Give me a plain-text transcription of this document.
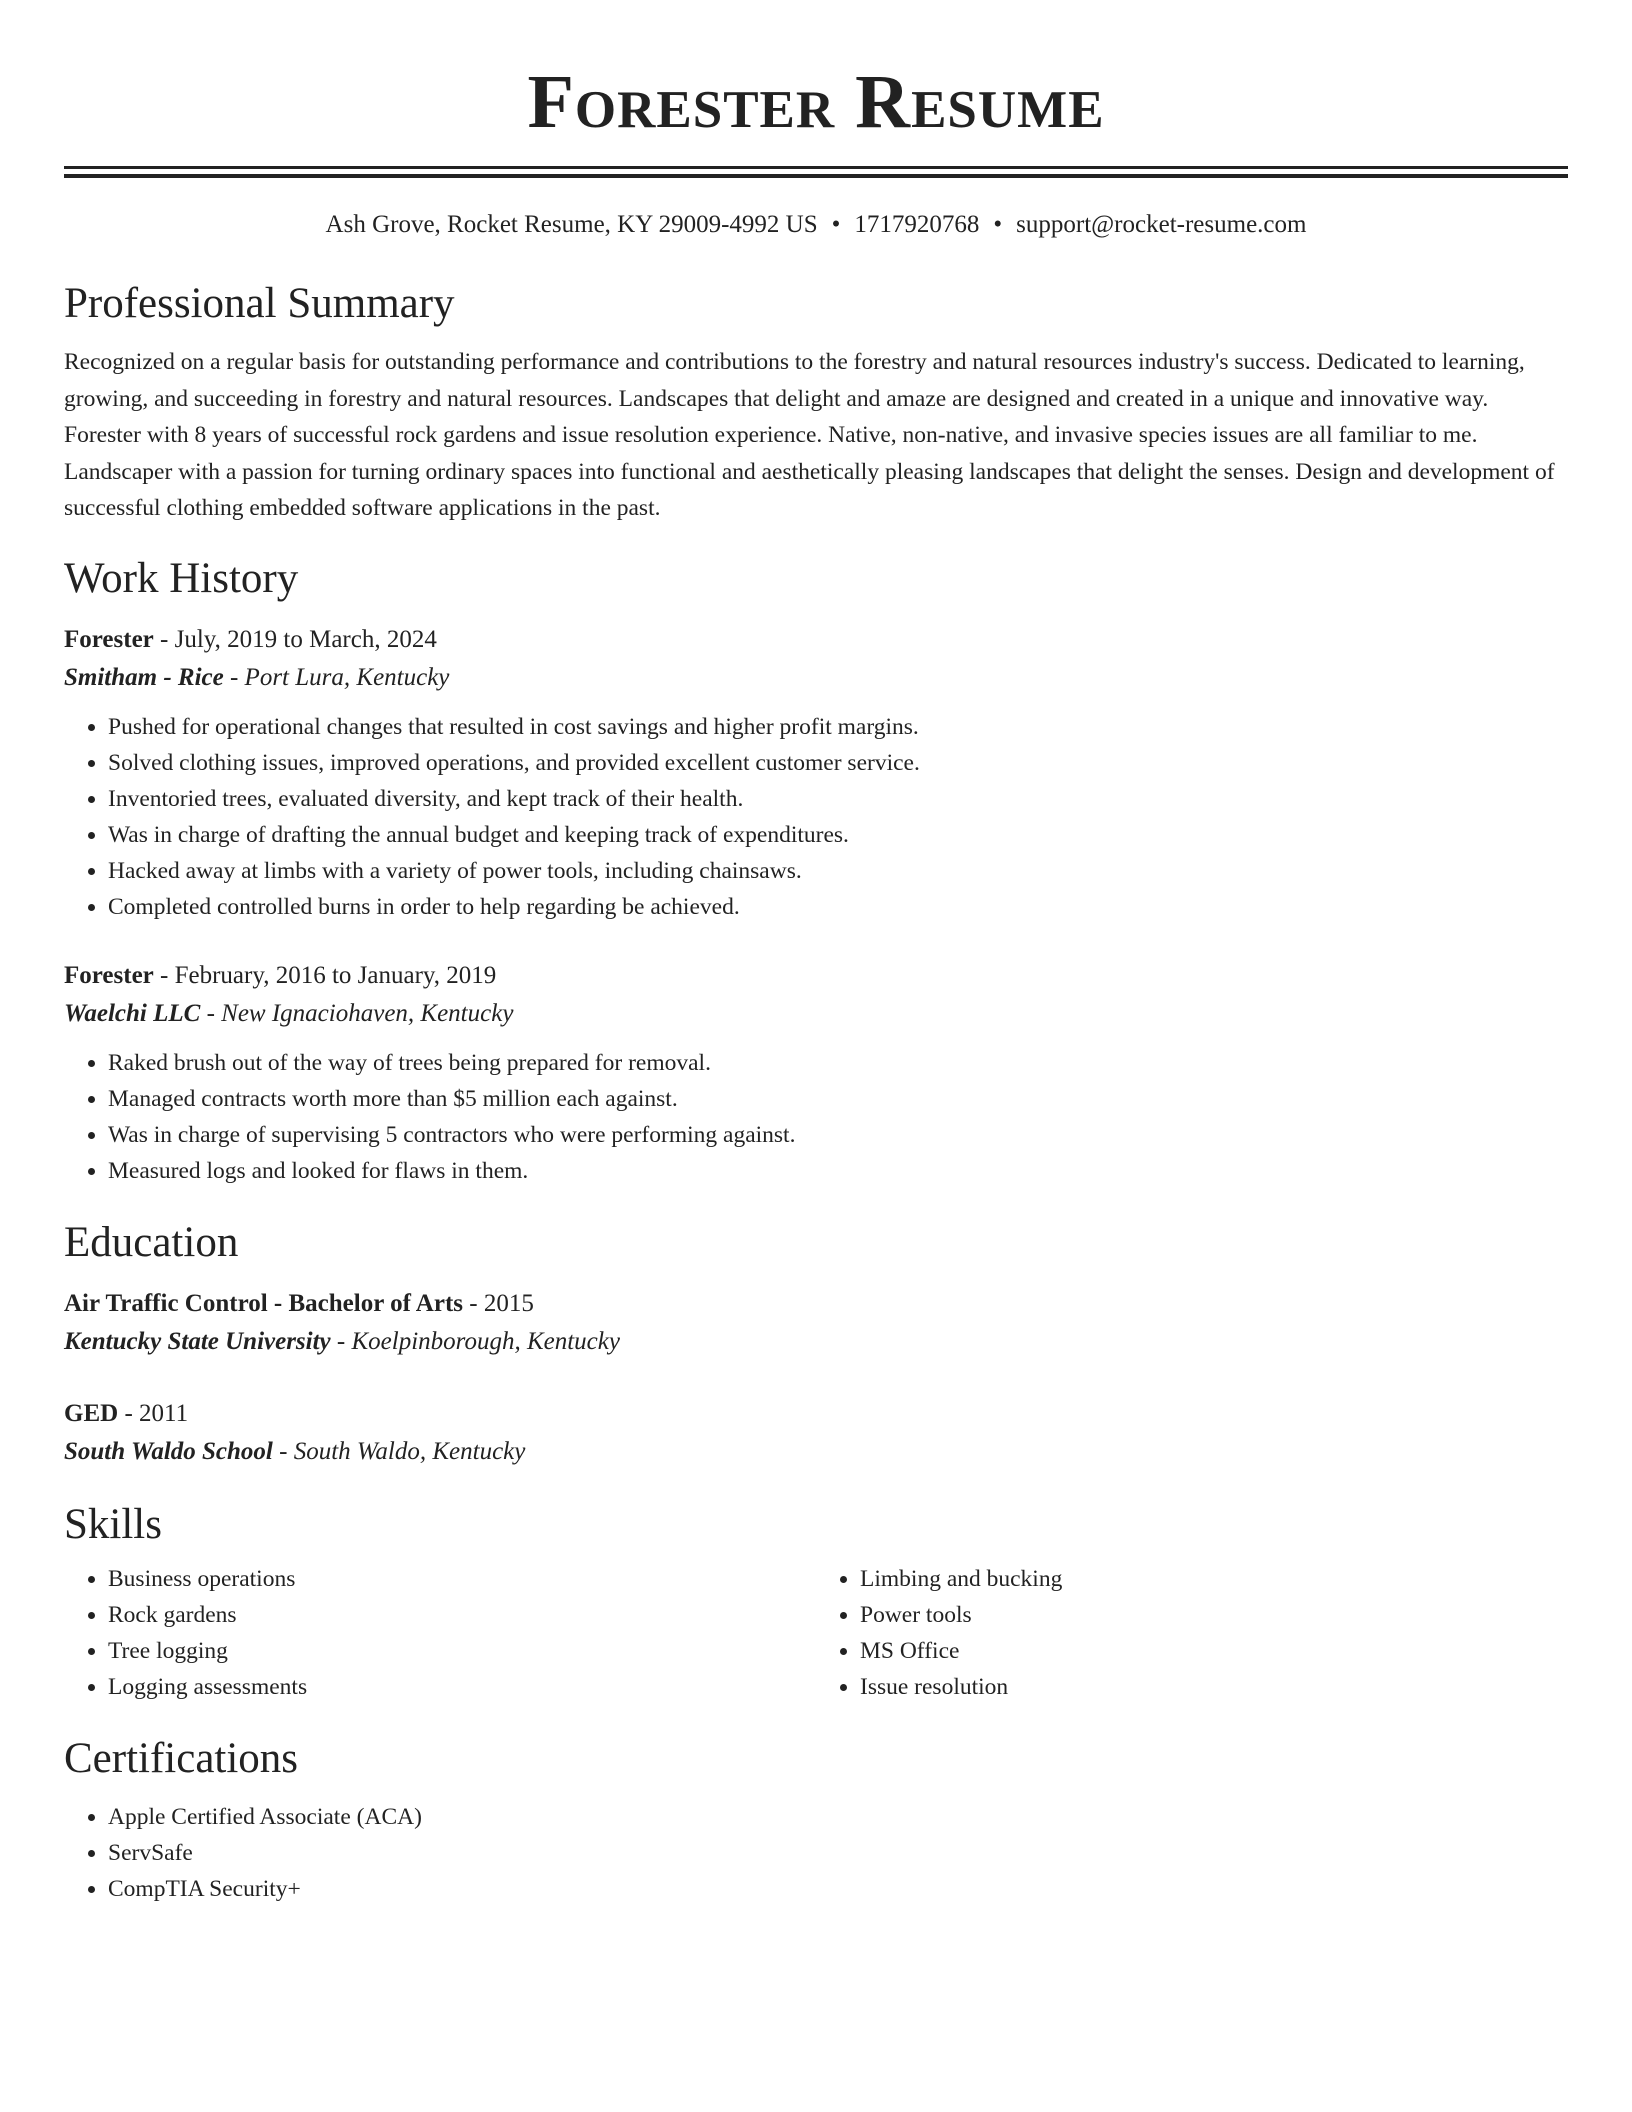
Forester Resume
Ash Grove, Rocket Resume, KY 29009-4992 US • 1717920768 • support@rocket-resume.com
Professional Summary
Recognized on a regular basis for outstanding performance and contributions to the forestry and natural resources industry's success. Dedicated to learning, growing, and succeeding in forestry and natural resources. Landscapes that delight and amaze are designed and created in a unique and innovative way. Forester with 8 years of successful rock gardens and issue resolution experience. Native, non-native, and invasive species issues are all familiar to me. Landscaper with a passion for turning ordinary spaces into functional and aesthetically pleasing landscapes that delight the senses. Design and development of successful clothing embedded software applications in the past.
Work History
Forester - July, 2019 to March, 2024
Smitham - Rice - Port Lura, Kentucky
• Pushed for operational changes that resulted in cost savings and higher profit margins.
• Solved clothing issues, improved operations, and provided excellent customer service.
• Inventoried trees, evaluated diversity, and kept track of their health.
• Was in charge of drafting the annual budget and keeping track of expenditures.
• Hacked away at limbs with a variety of power tools, including chainsaws.
• Completed controlled burns in order to help regarding be achieved.
Forester - February, 2016 to January, 2019
Waelchi LLC - New Ignaciohaven, Kentucky
• Raked brush out of the way of trees being prepared for removal.
• Managed contracts worth more than $5 million each against.
• Was in charge of supervising 5 contractors who were performing against.
• Measured logs and looked for flaws in them.
Education
Air Traffic Control - Bachelor of Arts - 2015
Kentucky State University - Koelpinborough, Kentucky
GED - 2011
South Waldo School - South Waldo, Kentucky
Skills
• Business operations
• Rock gardens
• Tree logging
• Logging assessments
• Limbing and bucking
• Power tools
• MS Office
• Issue resolution
Certifications
• Apple Certified Associate (ACA)
• ServSafe
• CompTIA Security+
